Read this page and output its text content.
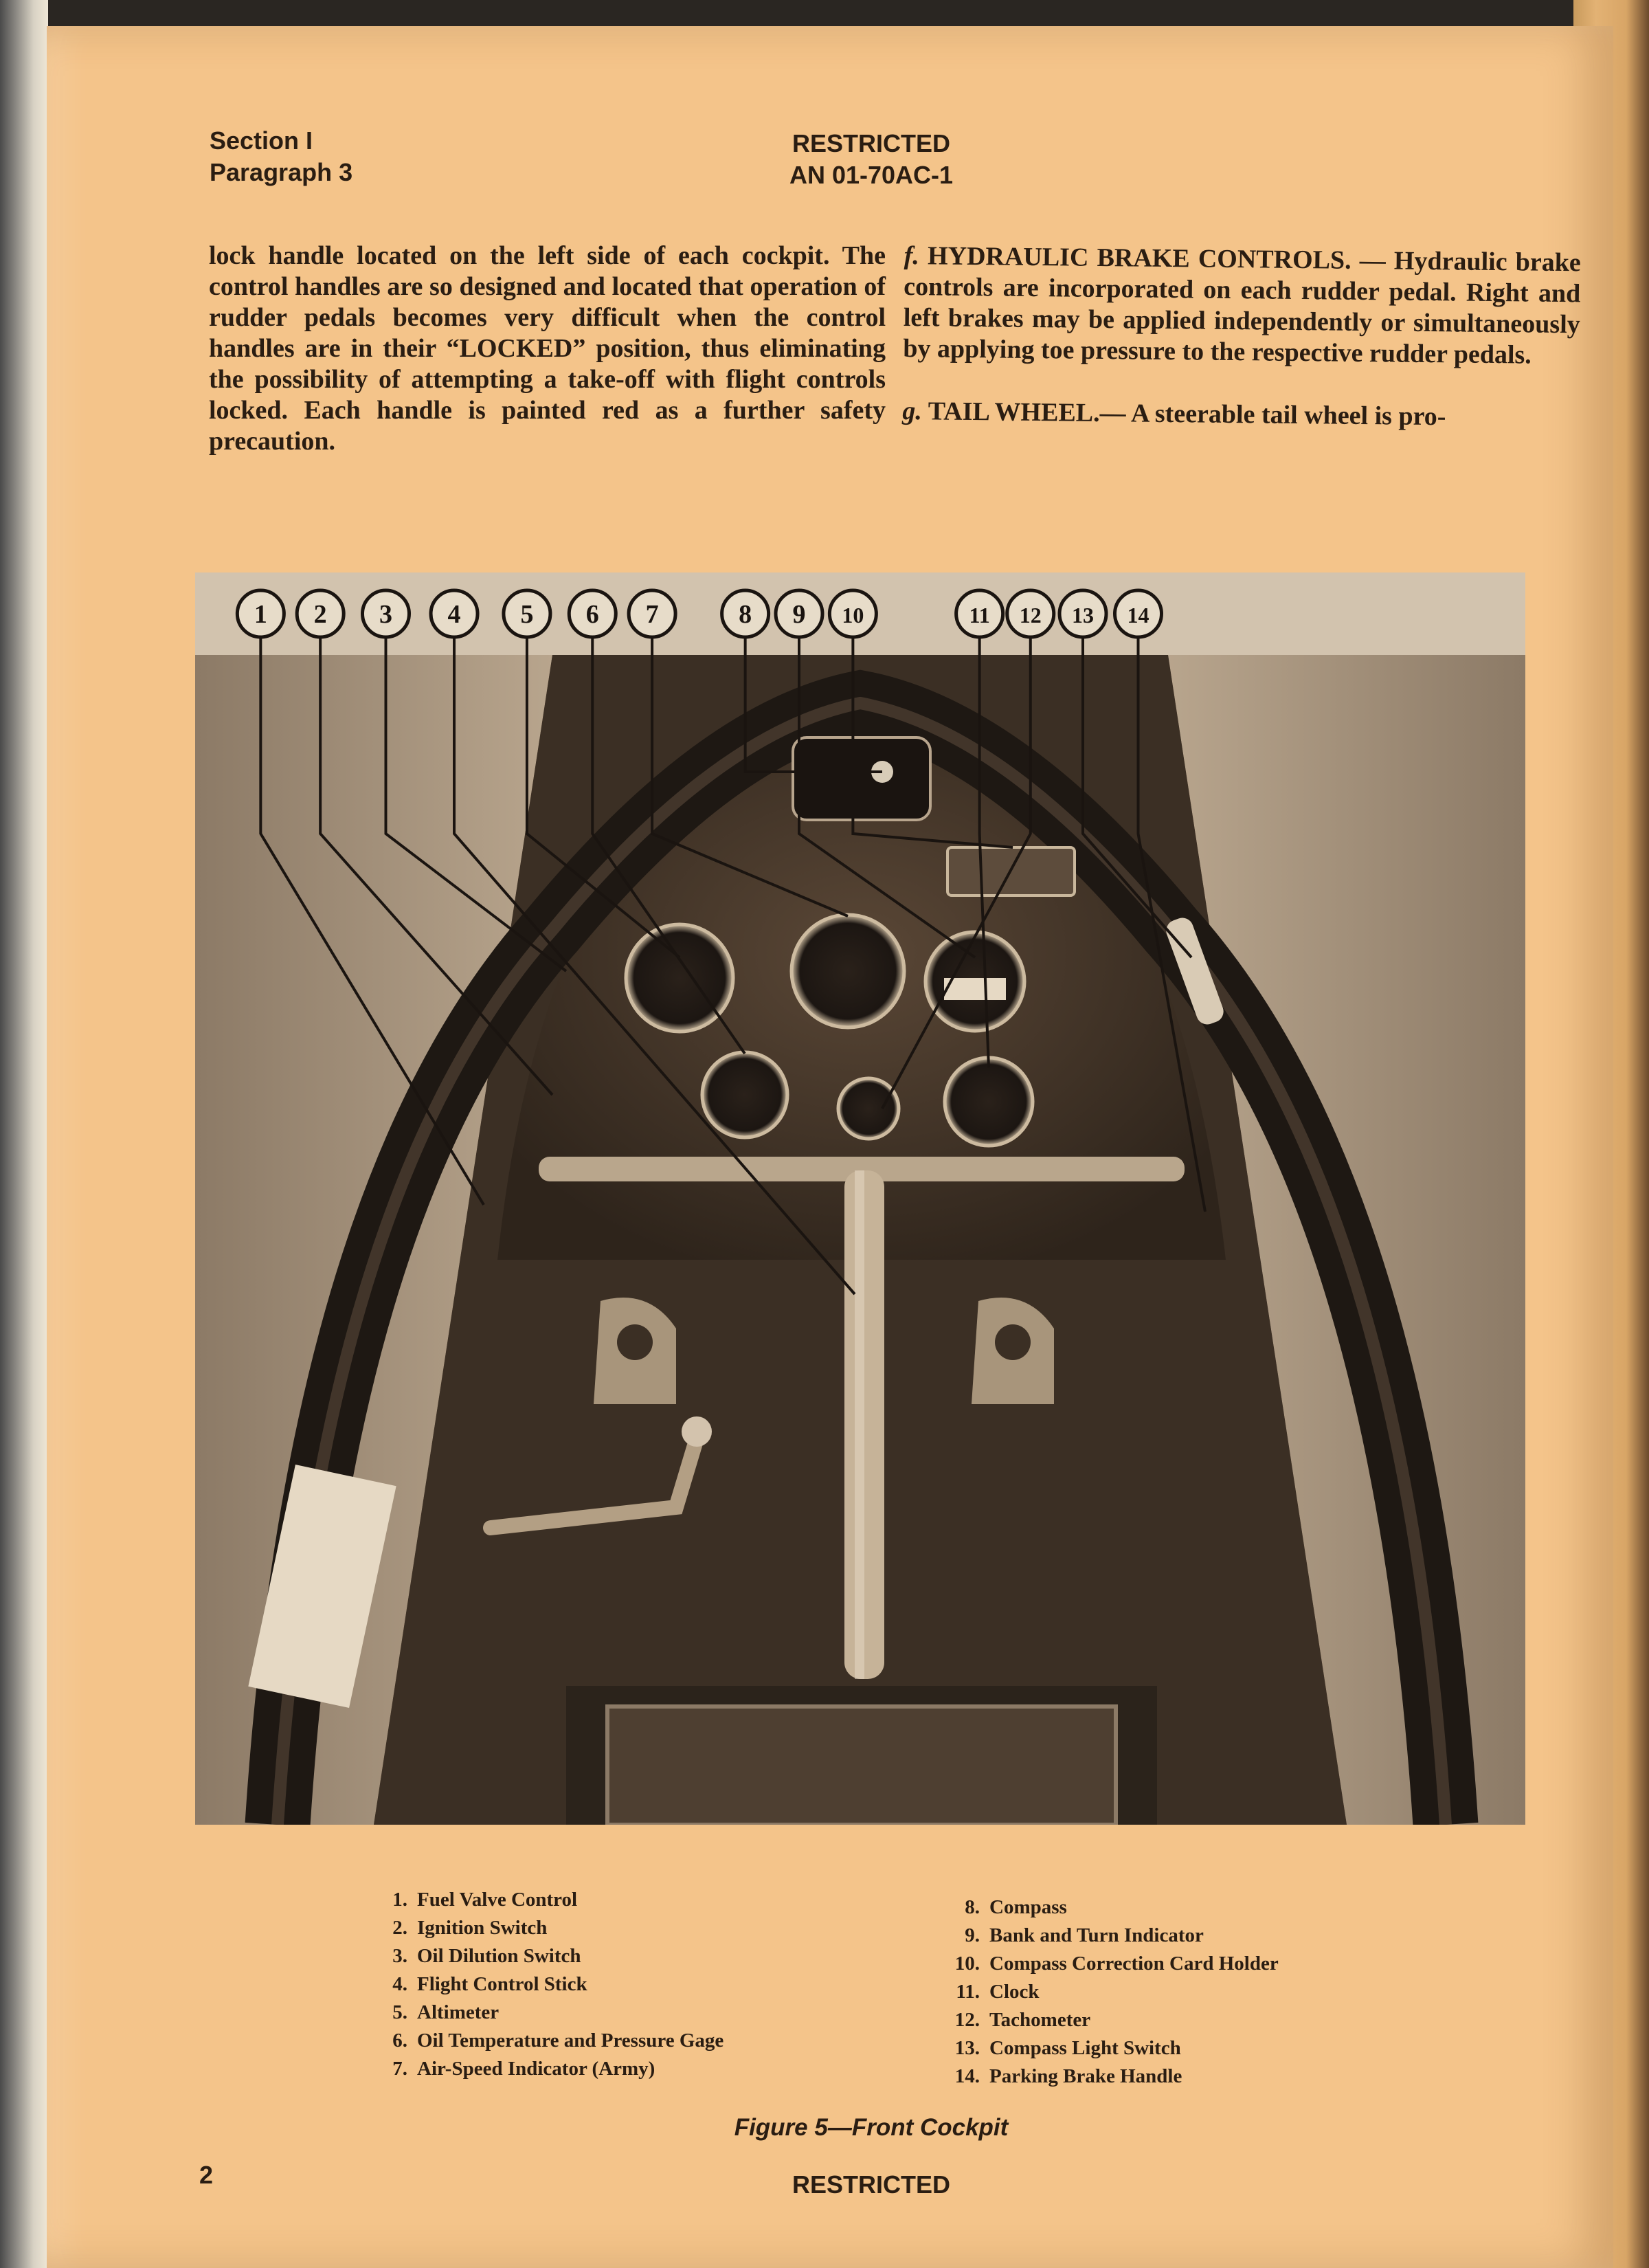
Section I
Paragraph 3
RESTRICTED
AN 01-70AC-1

lock handle located on the left side of each cockpit. The control handles are so designed and located that operation of rudder pedals becomes very difficult when the control handles are in their “LOCKED” position, thus eliminating the possibility of attempting a take-off with flight controls locked. Each handle is painted red as a further safety precaution.

f. HYDRAULIC BRAKE CONTROLS. — Hydraulic brake controls are incorporated on each rudder pedal. Right and left brakes may be applied independently or simultaneously by applying toe pressure to the respective rudder pedals.

g. TAIL WHEEL.— A steerable tail wheel is pro-

1 2 3 4 5 6 7	8 9 10	11 12 13 14
1. Fuel Valve Control
2. Ignition Switch
3. Oil Dilution Switch
4. Flight Control Stick
5. Altimeter
6. Oil Temperature and Pressure Gage
7. Air-Speed Indicator (Army)
8. Compass
9. Bank and Turn Indicator
10. Compass Correction Card Holder
11. Clock
12. Tachometer
13. Compass Light Switch
14. Parking Brake Handle
Figure 5—Front Cockpit
2	RESTRICTED
